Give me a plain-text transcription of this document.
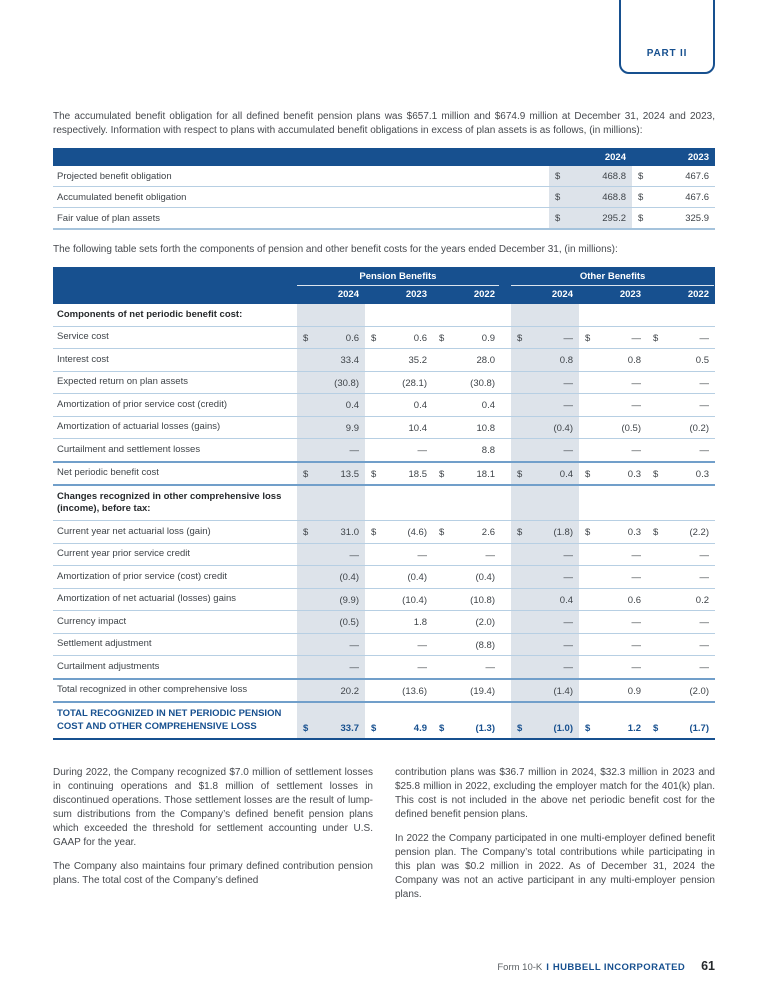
PART II

The accumulated benefit obligation for all defined benefit pension plans was $657.1 million and $674.9 million at December 31, 2024 and 2023, respectively. Information with respect to plans with accumulated benefit obligations in excess of plan assets is as follows, (in millions):

2024	2023
Projected benefit obligation	$	468.8 $	467.6
Accumulated benefit obligation	$	468.8 $	467.6
Fair value of plan assets	$	295.2 $	325.9

The following table sets forth the components of pension and other benefit costs for the years ended December 31, (in millions):

Pension Benefits	Other Benefits
2024	2023	2022	2024	2023	2022
Components of net periodic benefit cost:
Service cost	$	0.6 $	0.6 $	0.9 $	— $	— $	—
Interest cost	33.4	35.2	28.0	0.8	0.8	0.5
Expected return on plan assets	(30.8)	(28.1)	(30.8)	—	—	—
Amortization of prior service cost (credit)	0.4	0.4	0.4	—	—	—
Amortization of actuarial losses (gains)	9.9	10.4	10.8	(0.4)	(0.5)	(0.2)
Curtailment and settlement losses	—	—	8.8	—	—	—
Net periodic benefit cost	$	13.5 $	18.5 $	18.1 $	0.4 $	0.3 $	0.3
Changes recognized in other comprehensive loss (income), before tax:
Current year net actuarial loss (gain)	$	31.0 $	(4.6) $	2.6 $	(1.8) $	0.3 $	(2.2)
Current year prior service credit	—	—	—	—	—	—
Amortization of prior service (cost) credit	(0.4)	(0.4)	(0.4)	—	—	—
Amortization of net actuarial (losses) gains	(9.9)	(10.4)	(10.8)	0.4	0.6	0.2
Currency impact	(0.5)	1.8	(2.0)	—	—	—
Settlement adjustment	—	—	(8.8)	—	—	—
Curtailment adjustments	—	—	—	—	—	—
Total recognized in other comprehensive loss	20.2	(13.6)	(19.4)	(1.4)	0.9	(2.0)
TOTAL RECOGNIZED IN NET PERIODIC PENSION COST AND OTHER COMPREHENSIVE LOSS	$	33.7 $	4.9 $	(1.3) $	(1.0) $	1.2 $	(1.7)

During 2022, the Company recognized $7.0 million of settlement losses in continuing operations and $1.8 million of settlement losses in discontinued operations. Those settlement losses are the result of lump-sum distributions from the Company’s defined benefit pension plans which exceeded the threshold for settlement accounting under U.S. GAAP for the year.

The Company also maintains four primary defined contribution pension plans. The total cost of the Company’s defined

contribution plans was $36.7 million in 2024, $32.3 million in 2023 and $25.8 million in 2022, excluding the employer match for the 401(k) plan. This cost is not included in the above net periodic benefit cost for the defined benefit pension plans.

In 2022 the Company participated in one multi-employer defined benefit pension plan. The Company’s total contributions while participating in this plan was $0.2 million in 2022. As of December 31, 2024 the Company was not an active participant in any multi-employer pension plans.

Form 10-K I HUBBELL INCORPORATED 61
